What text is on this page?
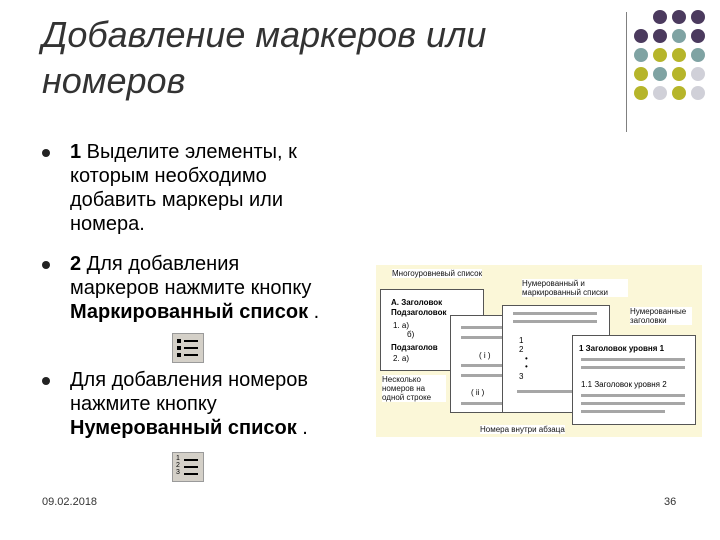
Добавление маркеров или
номеров
1 Выделите элементы, к
которым необходимо
добавить маркеры или
номера.
2 Для добавления
маркеров нажмите кнопку
Маркированный список .
Для добавления номеров
нажмите кнопку
Нумерованный список .
1
2
3
А. Заголовок
Подзаголовок
1. а)
б)
Подзаголов
2. а)	( i )
( ii )
1
2
•
•
3
1 Заголовок уровня 1
1.1 Заголовок уровня 2
Многоуровневый список
Нумерованный и маркированный списки
Нумерованные заголовки
Несколько номеров на одной строке
Номера внутри абзаца
09.02.2018	36
